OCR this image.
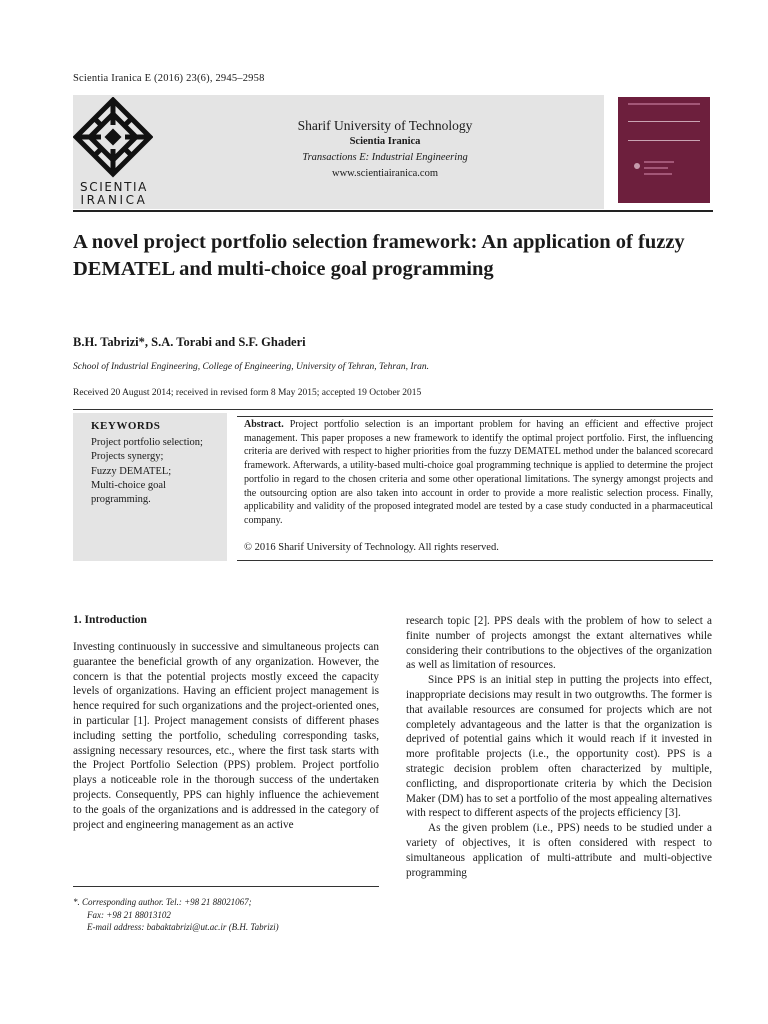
Scientia Iranica E (2016) 23(6), 2945–2958
SCIENTIA
IRANICA
Sharif University of Technology
Scientia Iranica
Transactions E: Industrial Engineering
www.scientiairanica.com
A novel project portfolio selection framework: An application of fuzzy DEMATEL and multi-choice goal programming
B.H. Tabrizi*, S.A. Torabi and S.F. Ghaderi
School of Industrial Engineering, College of Engineering, University of Tehran, Tehran, Iran.
Received 20 August 2014; received in revised form 8 May 2015; accepted 19 October 2015
KEYWORDS
Project portfolio selection;
Projects synergy;
Fuzzy DEMATEL;
Multi-choice goal programming.
Abstract. Project portfolio selection is an important problem for having an efficient and effective project management. This paper proposes a new framework to identify the optimal project portfolio. First, the influencing criteria are derived with respect to higher priorities from the fuzzy DEMATEL method under the balanced scorecard framework. Afterwards, a utility-based multi-choice goal programming technique is applied to determine the project portfolio in regard to the chosen criteria and some other operational limitations. The synergy amongst projects and the outsourcing option are also taken into account in order to provide a more realistic selection process. Finally, applicability and validity of the proposed integrated model are tested by a case study conducted in a pharmaceutical company.
© 2016 Sharif University of Technology. All rights reserved.
1. Introduction

Investing continuously in successive and simultaneous projects can guarantee the beneficial growth of any organization. However, the concern is that the potential projects mostly exceed the capacity levels of organizations. Having an efficient project management is hence required for such organizations and the project-oriented ones, in particular [1]. Project management consists of different phases including setting the portfolio, scheduling corresponding tasks, assigning necessary resources, etc., where the first task starts with the Project Portfolio Selection (PPS) problem. Project portfolio plays a noticeable role in the thorough success of the undertaken projects. Consequently, PPS can highly influence the achievement to the goals of the organizations and is addressed in the category of project and engineering management as an active

research topic [2]. PPS deals with the problem of how to select a finite number of projects amongst the extant alternatives while considering their contributions to the objectives of the organization as well as limitation of resources.

Since PPS is an initial step in putting the projects into effect, inappropriate decisions may result in two outgrowths. The former is that available resources are consumed for projects which are not completely advantageous and the latter is that the organization is deprived of potential gains which it would reach if it invested in more profitable projects (i.e., the opportunity cost). PPS is a strategic decision problem often characterized by multiple, conflicting, and disproportionate criteria by which the Decision Maker (DM) has to set a portfolio of the most appealing alternatives with respect to different aspects of the projects efficiency [3].

As the given problem (i.e., PPS) needs to be studied under a variety of objectives, it is often considered with respect to simultaneous application of multi-attribute and multi-objective programming

*. Corresponding author. Tel.: +98 21 88021067;
Fax: +98 21 88013102
E-mail address: babaktabrizi@ut.ac.ir (B.H. Tabrizi)
